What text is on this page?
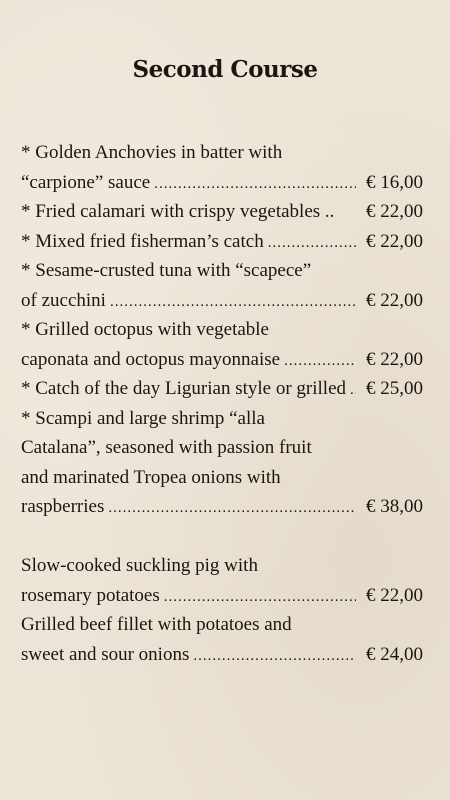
Second Course
* Golden Anchovies in batter with
“carpione” sauce .....	€ 16,00
* Fried calamari with crispy vegetables .. € 22,00
* Mixed fried fisherman’s catch .....	€ 22,00
* Sesame-crusted tuna with “scapece”
of zucchini .....	€ 22,00
* Grilled octopus with vegetable
caponata and octopus mayonnaise .....	€ 22,00
* Catch of the day Ligurian style or grilled ..... € 25,00
* Scampi and large shrimp “alla
Catalana”, seasoned with passion fruit
and marinated Tropea onions with
raspberries .....	€ 38,00
Slow-cooked suckling pig with
rosemary potatoes .....	€ 22,00
Grilled beef fillet with potatoes and
sweet and sour onions .....	€ 24,00
